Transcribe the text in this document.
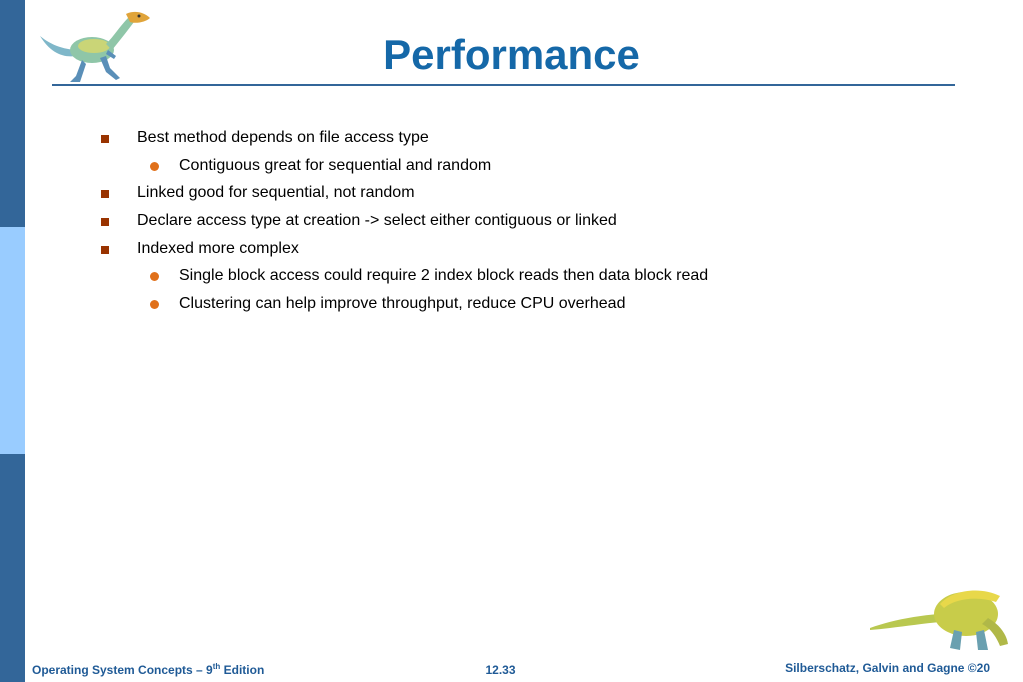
Performance
Best method depends on file access type
Contiguous great for sequential and random
Linked good for sequential, not random
Declare access type at creation -> select either contiguous or linked
Indexed more complex
Single block access could require 2 index block reads then data block read
Clustering can help improve throughput, reduce CPU overhead
Operating System Concepts – 9th Edition	12.33	Silberschatz, Galvin and Gagne ©20
